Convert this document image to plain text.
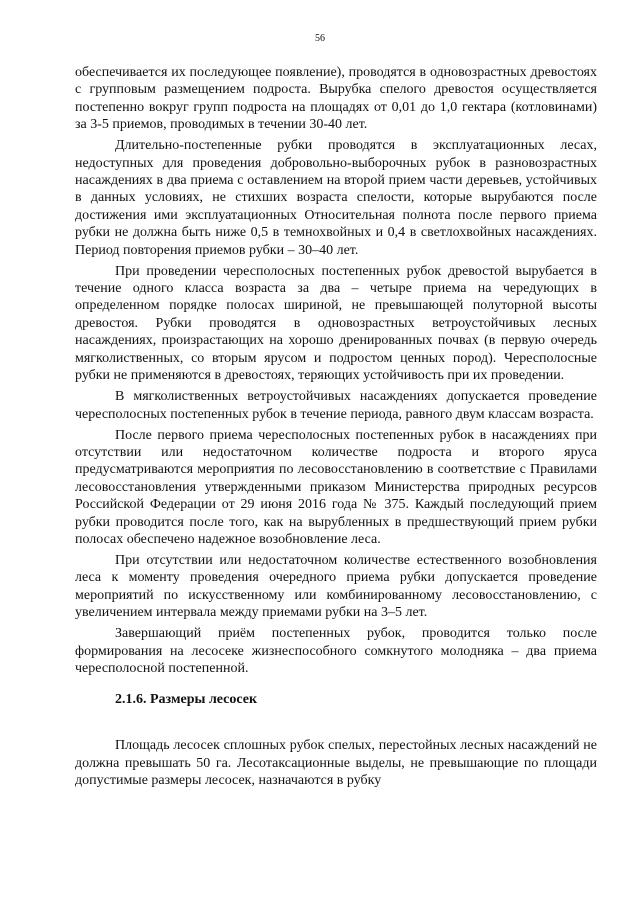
56

обеспечивается их последующее появление), проводятся в одновозрастных древостоях с групповым размещением подроста. Вырубка спелого древостоя осуществляется постепенно вокруг групп подроста на площадях от 0,01 до 1,0 гектара (котловинами) за 3-5 приемов, проводимых в течении 30-40 лет.

Длительно-постепенные рубки проводятся в эксплуатационных лесах, недоступных для проведения добровольно-выборочных рубок в разновозрастных насаждениях в два приема с оставлением на второй прием части деревьев, устойчивых в данных условиях, не стихших возраста спелости, которые вырубаются после достижения ими эксплуатационных Относительная полнота после первого приема рубки не должна быть ниже 0,5 в темнохвойных и 0,4 в светлохвойных насаждениях. Период повторения приемов рубки – 30–40 лет.

При проведении чересполосных постепенных рубок древостой вырубается в течение одного класса возраста за два – четыре приема на чередующих в определенном порядке полосах шириной, не превышающей полуторной высоты древостоя. Рубки проводятся в одновозрастных ветроустойчивых лесных насаждениях, произрастающих на хорошо дренированных почвах (в первую очередь мягколиственных, со вторым ярусом и подростом ценных пород). Чересполосные рубки не применяются в древостоях, теряющих устойчивость при их проведении.

В мягколиственных ветроустойчивых насаждениях допускается проведение чересполосных постепенных рубок в течение периода, равного двум классам возраста.

После первого приема чересполосных постепенных рубок в насаждениях при отсутствии или недостаточном количестве подроста и второго яруса предусматриваются мероприятия по лесовосстановлению в соответствие с Правилами лесовосстановления утвержденными приказом Министерства природных ресурсов Российской Федерации от 29 июня 2016 года № 375. Каждый последующий прием рубки проводится после того, как на вырубленных в предшествующий прием рубки полосах обеспечено надежное возобновление леса.

При отсутствии или недостаточном количестве естественного возобновления леса к моменту проведения очередного приема рубки допускается проведение мероприятий по искусственному или комбинированному лесовосстановлению, с увеличением интервала между приемами рубки на 3–5 лет.

Завершающий приём постепенных рубок, проводится только после формирования на лесосеке жизнеспособного сомкнутого молодняка – два приема чересполосной постепенной.

2.1.6. Размеры лесосек

Площадь лесосек сплошных рубок спелых, перестойных лесных насаждений не должна превышать 50 га. Лесотаксационные выделы, не превышающие по площади допустимые размеры лесосек, назначаются в рубку
